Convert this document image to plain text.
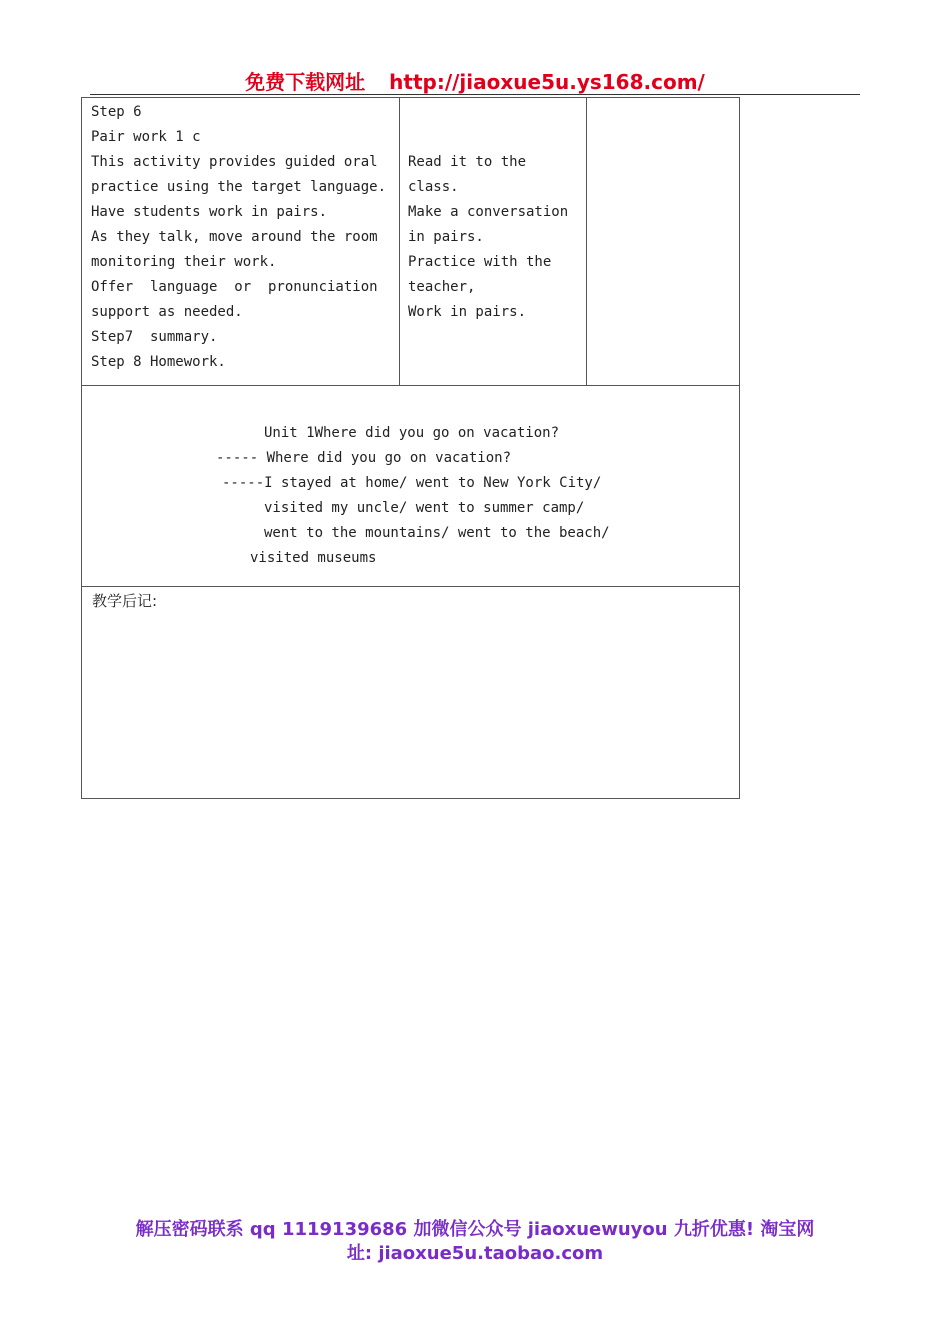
免费下载网址 http://jiaoxue5u.ys168.com/
Step 6
Pair work 1 c
This activity provides guided oral
practice using the target language.
Have students work in pairs.
As they talk, move around the room
monitoring their work.
Offer  language  or  pronunciation
support as needed.
Step7  summary.
Step 8 Homework.
Read it to the
class.
Make a conversation
in pairs.
Practice with the
teacher,
Work in pairs.
Unit 1Where did you go on vacation?
----- Where did you go on vacation?
-----I stayed at home/ went to New York City/
visited my uncle/ went to summer camp/
went to the mountains/ went to the beach/
visited museums
教学后记:
解压密码联系 qq 1119139686 加微信公众号 jiaoxuewuyou 九折优惠! 淘宝网
址: jiaoxue5u.taobao.com
